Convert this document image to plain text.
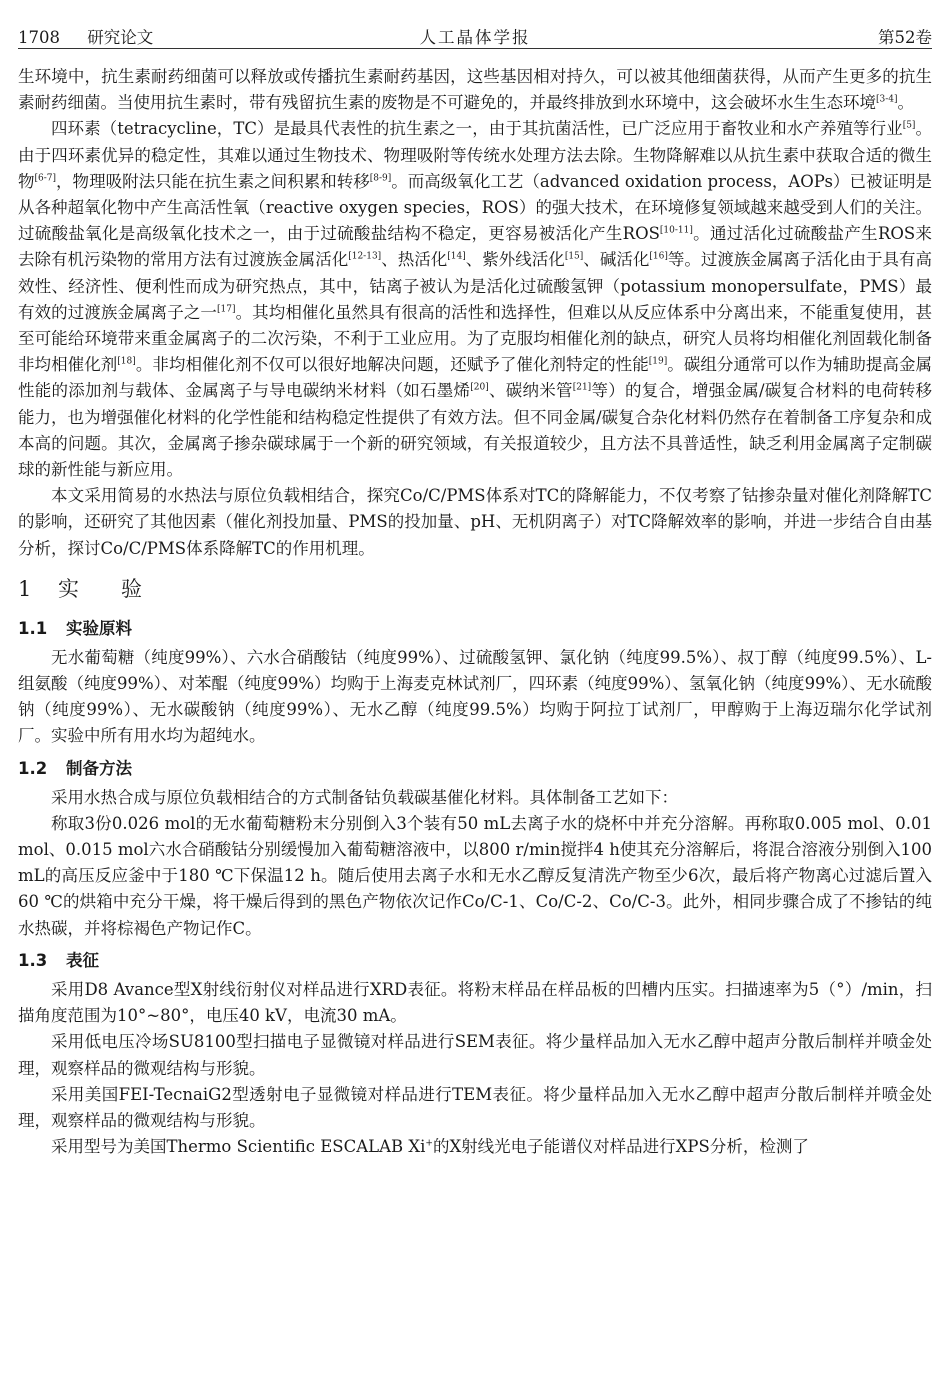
1708 研究论文	人工晶体学报	第52卷

生环境中，抗生素耐药细菌可以释放或传播抗生素耐药基因，这些基因相对持久，可以被其他细菌获得，从而产生更多的抗生素耐药细菌。当使用抗生素时，带有残留抗生素的废物是不可避免的，并最终排放到水环境中，这会破坏水生生态环境[3-4]。

四环素（tetracycline，TC）是最具代表性的抗生素之一，由于其抗菌活性，已广泛应用于畜牧业和水产养殖等行业[5]。由于四环素优异的稳定性，其难以通过生物技术、物理吸附等传统水处理方法去除。生物降解难以从抗生素中获取合适的微生物[6-7]，物理吸附法只能在抗生素之间积累和转移[8-9]。而高级氧化工艺（advanced oxidation process，AOPs）已被证明是从各种超氧化物中产生高活性氧（reactive oxygen species，ROS）的强大技术，在环境修复领域越来越受到人们的关注。过硫酸盐氧化是高级氧化技术之一，由于过硫酸盐结构不稳定，更容易被活化产生ROS[10-11]。通过活化过硫酸盐产生ROS来去除有机污染物的常用方法有过渡族金属活化[12-13]、热活化[14]、紫外线活化[15]、碱活化[16]等。过渡族金属离子活化由于具有高效性、经济性、便利性而成为研究热点，其中，钴离子被认为是活化过硫酸氢钾（potassium monopersulfate，PMS）最有效的过渡族金属离子之一[17]。其均相催化虽然具有很高的活性和选择性，但难以从反应体系中分离出来，不能重复使用，甚至可能给环境带来重金属离子的二次污染，不利于工业应用。为了克服均相催化剂的缺点，研究人员将均相催化剂固载化制备非均相催化剂[18]。非均相催化剂不仅可以很好地解决问题，还赋予了催化剂特定的性能[19]。碳组分通常可以作为辅助提高金属性能的添加剂与载体、金属离子与导电碳纳米材料（如石墨烯[20]、碳纳米管[21]等）的复合，增强金属/碳复合材料的电荷转移能力，也为增强催化材料的化学性能和结构稳定性提供了有效方法。但不同金属/碳复合杂化材料仍然存在着制备工序复杂和成本高的问题。其次，金属离子掺杂碳球属于一个新的研究领域，有关报道较少，且方法不具普适性，缺乏利用金属离子定制碳球的新性能与新应用。

本文采用简易的水热法与原位负载相结合，探究Co/C/PMS体系对TC的降解能力，不仅考察了钴掺杂量对催化剂降解TC的影响，还研究了其他因素（催化剂投加量、PMS的投加量、pH、无机阴离子）对TC降解效率的影响，并进一步结合自由基分析，探讨Co/C/PMS体系降解TC的作用机理。

1 实验
1.1 实验原料

无水葡萄糖（纯度99%）、六水合硝酸钴（纯度99%）、过硫酸氢钾、氯化钠（纯度99.5%）、叔丁醇（纯度99.5%）、L-组氨酸（纯度99%）、对苯醌（纯度99%）均购于上海麦克林试剂厂，四环素（纯度99%）、氢氧化钠（纯度99%）、无水硫酸钠（纯度99%）、无水碳酸钠（纯度99%）、无水乙醇（纯度99.5%）均购于阿拉丁试剂厂，甲醇购于上海迈瑞尔化学试剂厂。实验中所有用水均为超纯水。

1.2 制备方法

采用水热合成与原位负载相结合的方式制备钴负载碳基催化材料。具体制备工艺如下：

称取3份0.026 mol的无水葡萄糖粉末分别倒入3个装有50 mL去离子水的烧杯中并充分溶解。再称取0.005 mol、0.01 mol、0.015 mol六水合硝酸钴分别缓慢加入葡萄糖溶液中，以800 r/min搅拌4 h使其充分溶解后，将混合溶液分别倒入100 mL的高压反应釜中于180 ℃下保温12 h。随后使用去离子水和无水乙醇反复清洗产物至少6次，最后将产物离心过滤后置入60 ℃的烘箱中充分干燥，将干燥后得到的黑色产物依次记作Co/C-1、Co/C-2、Co/C-3。此外，相同步骤合成了不掺钴的纯水热碳，并将棕褐色产物记作C。

1.3 表征

采用D8 Avance型X射线衍射仪对样品进行XRD表征。将粉末样品在样品板的凹槽内压实。扫描速率为5（°）/min，扫描角度范围为10°~80°，电压40 kV，电流30 mA。

采用低电压冷场SU8100型扫描电子显微镜对样品进行SEM表征。将少量样品加入无水乙醇中超声分散后制样并喷金处理，观察样品的微观结构与形貌。

采用美国FEI-TecnaiG2型透射电子显微镜对样品进行TEM表征。将少量样品加入无水乙醇中超声分散后制样并喷金处理，观察样品的微观结构与形貌。

采用型号为美国Thermo Scientific ESCALAB Xi+的X射线光电子能谱仪对样品进行XPS分析，检测了
